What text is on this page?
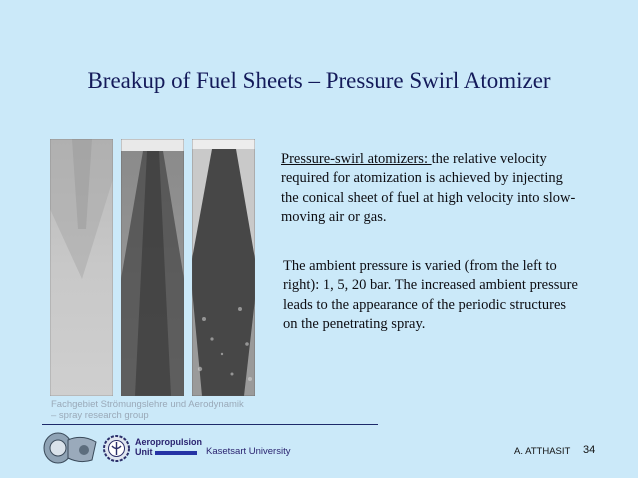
Breakup of Fuel Sheets – Pressure Swirl Atomizer
Fachgebiet Strömungslehre und Aerodynamik
– spray research group
Pressure-swirl atomizers: the relative velocity required for atomization is achieved by injecting the conical sheet of fuel at high velocity into slow-moving air or gas.
The ambient pressure is varied (from the left to right): 1, 5, 20 bar. The increased ambient pressure leads to the appearance of the periodic structures on the penetrating spray.
Aeropropulsion
Unit	Kasetsart University	A. ATTHASIT 34
